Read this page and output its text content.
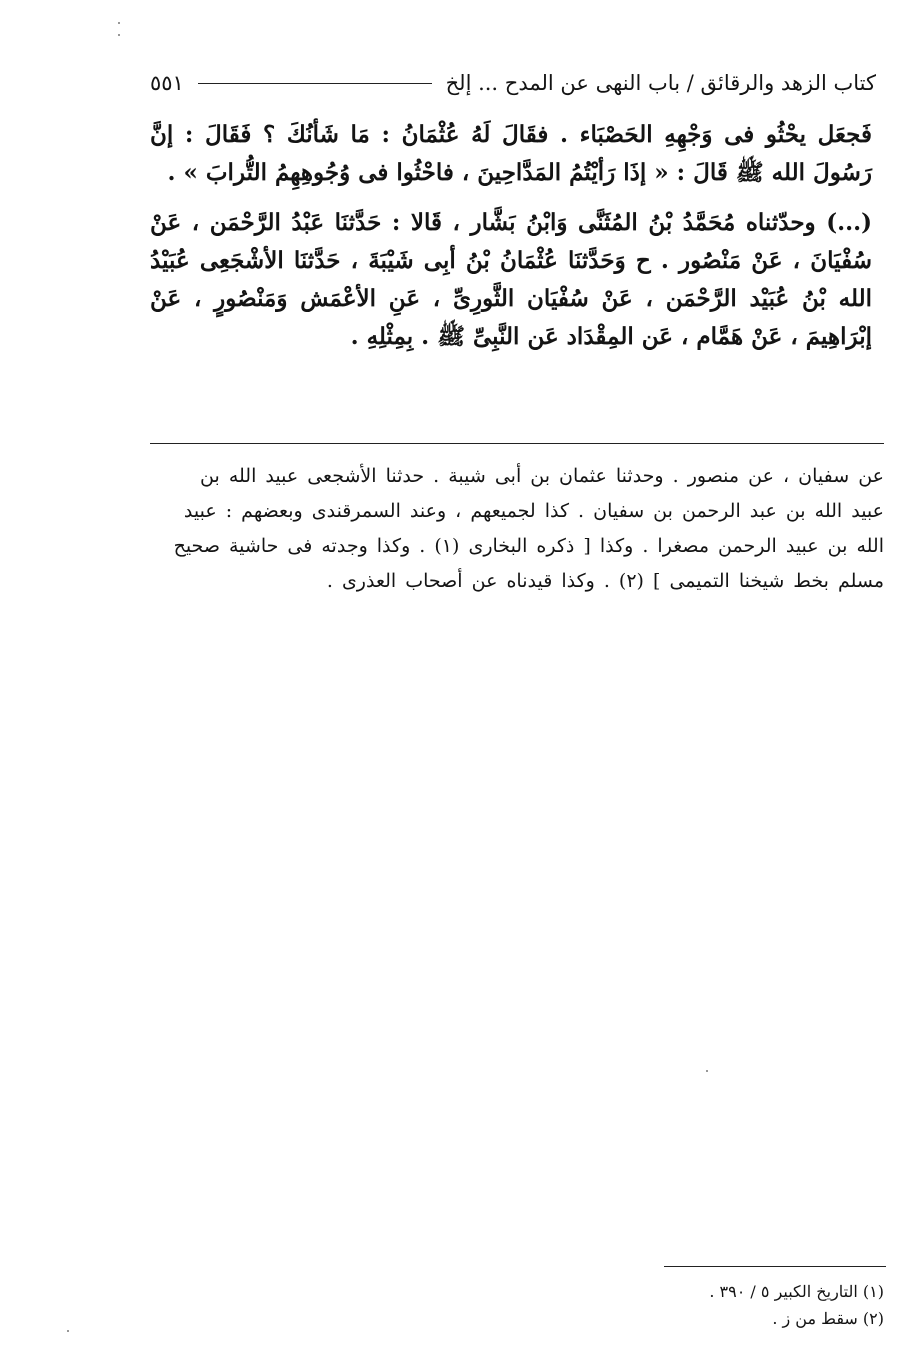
كتاب الزهد والرقائق / باب النهى عن المدح ... إلخ
٥٥١

فَجعَل يحْثُو فى وَجْهِهِ الحَصْبَاء . فقَالَ لَهُ عُثْمَانُ : مَا شَأنُكَ ؟ فَقَالَ : إنَّ رَسُولَ الله ﷺ قَالَ : « إذَا رَأيْتُمُ المَدَّاحِينَ ، فاحْثُوا فى وُجُوهِهِمُ التُّرابَ » .

(...) وحدّثناه مُحَمَّدُ بْنُ المُثَنَّى وَابْنُ بَشَّار ، قَالا : حَدَّثنَا عَبْدُ الرَّحْمَن ، عَنْ سُفْيَانَ ، عَنْ مَنْصُور . ح وَحَدَّثنَا عُثْمَانُ بْنُ أبِى شَيْبَةَ ، حَدَّثنَا الأشْجَعِى عُبَيْدُ الله بْنُ عُبَيْد الرَّحْمَن ، عَنْ سُفْيَان الثَّورِىِّ ، عَنِ الأعْمَش وَمَنْصُورٍ ، عَنْ إبْرَاهِيمَ ، عَنْ هَمَّام ، عَن المِقْدَاد عَن النَّبِىِّ ﷺ . بِمِثْلِهِ .

عن سفيان ، عن منصور . وحدثنا عثمان بن أبى شيبة . حدثنا الأشجعى عبيد الله بن

عبيد الله بن عبد الرحمن بن سفيان . كذا لجميعهم ، وعند السمرقندى وبعضهم : عبيد

الله بن عبيد الرحمن مصغرا . وكذا [ ذكره البخارى (١) . وكذا وجدته فى حاشية صحيح

مسلم بخط شيخنا التميمى ] (٢) . وكذا قيدناه عن أصحاب العذرى .

(١) التاريخ الكبير ٥ / ٣٩٠ .
(٢) سقط من ز .
